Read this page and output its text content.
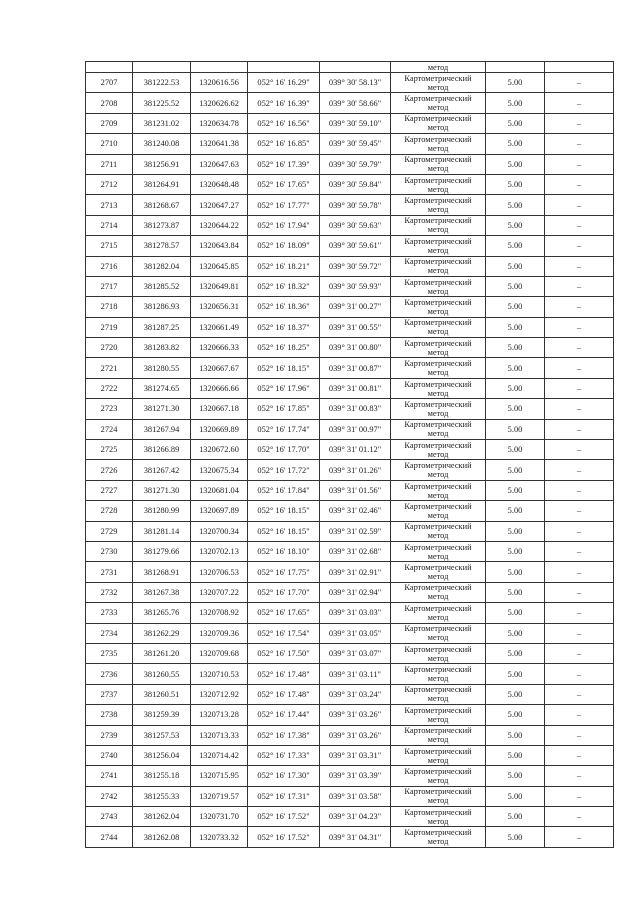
					метод		
2707	381222.53	1320616.56	052° 16' 16.29"	039° 30' 58.13"	Картометрический
метод	5.00	–
2708	381225.52	1320626.62	052° 16' 16.39"	039° 30' 58.66"	Картометрический
метод	5.00	–
2709	381231.02	1320634.78	052° 16' 16.56"	039° 30' 59.10"	Картометрический
метод	5.00	–
2710	381240.08	1320641.38	052° 16' 16.85"	039° 30' 59.45"	Картометрический
метод	5.00	–
2711	381256.91	1320647.63	052° 16' 17.39"	039° 30' 59.79"	Картометрический
метод	5.00	–
2712	381264.91	1320648.48	052° 16' 17.65"	039° 30' 59.84"	Картометрический
метод	5.00	–
2713	381268.67	1320647.27	052° 16' 17.77"	039° 30' 59.78"	Картометрический
метод	5.00	–
2714	381273.87	1320644.22	052° 16' 17.94"	039° 30' 59.63"	Картометрический
метод	5.00	–
2715	381278.57	1320643.84	052° 16' 18.09"	039° 30' 59.61"	Картометрический
метод	5.00	–
2716	381282.04	1320645.85	052° 16' 18.21"	039° 30' 59.72"	Картометрический
метод	5.00	–
2717	381285.52	1320649.81	052° 16' 18.32"	039° 30' 59.93"	Картометрический
метод	5.00	–
2718	381286.93	1320656.31	052° 16' 18.36"	039° 31' 00.27"	Картометрический
метод	5.00	–
2719	381287.25	1320661.49	052° 16' 18.37"	039° 31' 00.55"	Картометрический
метод	5.00	–
2720	381283.82	1320666.33	052° 16' 18.25"	039° 31' 00.80"	Картометрический
метод	5.00	–
2721	381280.55	1320667.67	052° 16' 18.15"	039° 31' 00.87"	Картометрический
метод	5.00	–
2722	381274.65	1320666.66	052° 16' 17.96"	039° 31' 00.81"	Картометрический
метод	5.00	–
2723	381271.30	1320667.18	052° 16' 17.85"	039° 31' 00.83"	Картометрический
метод	5.00	–
2724	381267.94	1320669.89	052° 16' 17.74"	039° 31' 00.97"	Картометрический
метод	5.00	–
2725	381266.89	1320672.60	052° 16' 17.70"	039° 31' 01.12"	Картометрический
метод	5.00	–
2726	381267.42	1320675.34	052° 16' 17.72"	039° 31' 01.26"	Картометрический
метод	5.00	–
2727	381271.30	1320681.04	052° 16' 17.84"	039° 31' 01.56"	Картометрический
метод	5.00	–
2728	381280.99	1320697.89	052° 16' 18.15"	039° 31' 02.46"	Картометрический
метод	5.00	–
2729	381281.14	1320700.34	052° 16' 18.15"	039° 31' 02.59"	Картометрический
метод	5.00	–
2730	381279.66	1320702.13	052° 16' 18.10"	039° 31' 02.68"	Картометрический
метод	5.00	–
2731	381268.91	1320706.53	052° 16' 17.75"	039° 31' 02.91"	Картометрический
метод	5.00	–
2732	381267.38	1320707.22	052° 16' 17.70"	039° 31' 02.94"	Картометрический
метод	5.00	–
2733	381265.76	1320708.92	052° 16' 17.65"	039° 31' 03.03"	Картометрический
метод	5.00	–
2734	381262.29	1320709.36	052° 16' 17.54"	039° 31' 03.05"	Картометрический
метод	5.00	–
2735	381261.20	1320709.68	052° 16' 17.50"	039° 31' 03.07"	Картометрический
метод	5.00	–
2736	381260.55	1320710.53	052° 16' 17.48"	039° 31' 03.11"	Картометрический
метод	5.00	–
2737	381260.51	1320712.92	052° 16' 17.48"	039° 31' 03.24"	Картометрический
метод	5.00	–
2738	381259.39	1320713.28	052° 16' 17.44"	039° 31' 03.26"	Картометрический
метод	5.00	–
2739	381257.53	1320713.33	052° 16' 17.38"	039° 31' 03.26"	Картометрический
метод	5.00	–
2740	381256.04	1320714.42	052° 16' 17.33"	039° 31' 03.31"	Картометрический
метод	5.00	–
2741	381255.18	1320715.95	052° 16' 17.30"	039° 31' 03.39"	Картометрический
метод	5.00	–
2742	381255.33	1320719.57	052° 16' 17.31"	039° 31' 03.58"	Картометрический
метод	5.00	–
2743	381262.04	1320731.70	052° 16' 17.52"	039° 31' 04.23"	Картометрический
метод	5.00	–
2744	381262.08	1320733.32	052° 16' 17.52"	039° 31' 04.31"	Картометрический
метод	5.00	–
